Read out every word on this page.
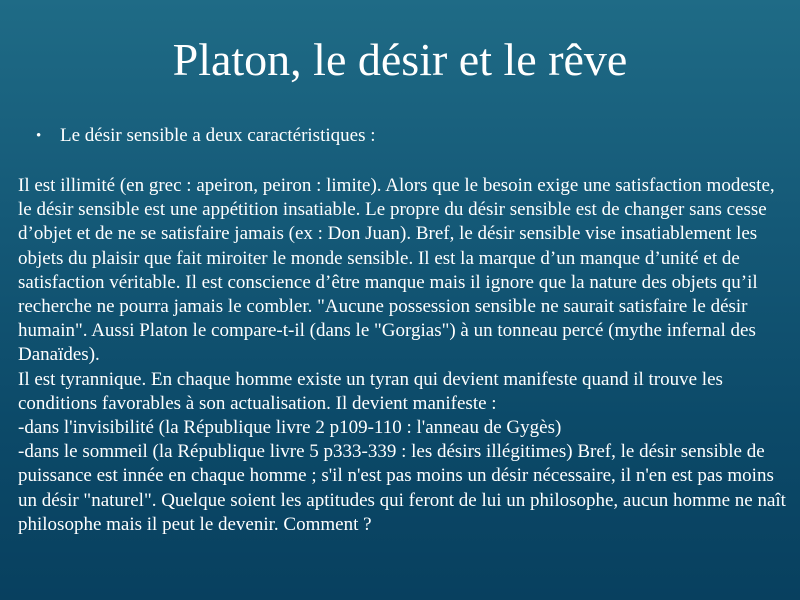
Platon, le désir et le rêve
• Le désir sensible a deux caractéristiques :

Il est illimité (en grec : apeiron, peiron : limite). Alors que le besoin exige une satisfaction modeste, le désir sensible est une appétition insatiable. Le propre du désir sensible est de changer sans cesse d’objet et de ne se satisfaire jamais (ex : Don Juan). Bref, le désir sensible vise insatiablement les objets du plaisir que fait miroiter le monde sensible. Il est la marque d’un manque d’unité et de satisfaction véritable. Il est conscience d’être manque mais il ignore que la nature des objets qu’il recherche ne pourra jamais le combler. "Aucune possession sensible ne saurait satisfaire le désir humain". Aussi Platon le compare-t-il (dans le "Gorgias") à un tonneau percé (mythe infernal des Danaïdes).

Il est tyrannique. En chaque homme existe un tyran qui devient manifeste quand il trouve les conditions favorables à son actualisation. Il devient manifeste :

-dans l'invisibilité (la République livre 2 p109-110 : l'anneau de Gygès)

-dans le sommeil (la République livre 5 p333-339 : les désirs illégitimes) Bref, le désir sensible de puissance est innée en chaque homme ; s'il n'est pas moins un désir nécessaire, il n'en est pas moins un désir "naturel". Quelque soient les aptitudes qui feront de lui un philosophe, aucun homme ne naît philosophe mais il peut le devenir. Comment ?
